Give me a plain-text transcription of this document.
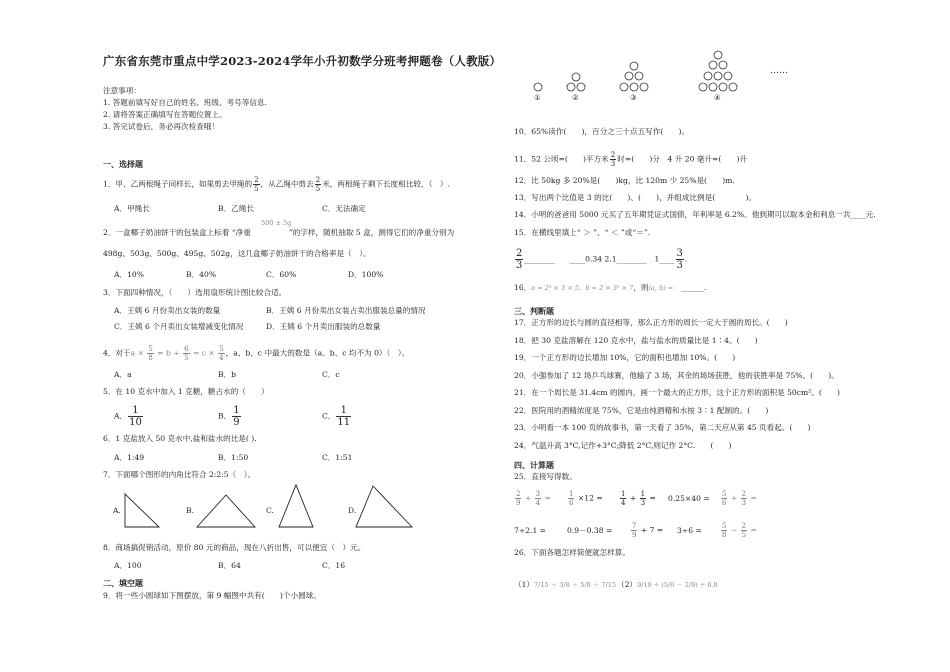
广东省东莞市重点中学2023-2024学年小升初数学分班考押题卷（人教版）
注意事项：
1. 答题前填写好自己的姓名、班级、考号等信息.
2. 请将答案正确填写在答题位置上。
3. 答完试卷后，务必再次检查哦！
一、选择题
1．甲、乙两根绳子同样长，如果剪去甲绳的 $\frac{2}{5}$ ，从乙绳中剪去 $\frac{2}{5}$ 米，两根绳子剩下长度相比较，（　）.
A．甲绳长	B．乙绳长	C．无法确定
500 ± 5g
2．一盒椰子奶油饼干的包装盒上标着 “净重	”的字样，随机抽取 5 盒，测得它们的净重分别为
498g、503g、500g、495g、502g，这几盒椰子奶油饼干的合格率是（　）。
A．10%	B．40%	C．60%	D．100%
3．下面四种情况，（　　）选用扇形统计图比较合适。
A．王姨 6 月份卖出女装的数量	B．王姨 6 月份卖出女装占卖出服装总量的情况
C．王姨 6 个月卖出女装增减变化情况	D．王姨 6 个月卖出服装的总数量
4．对于$a \times \frac{5}{8} = b \div \frac{6}{5} = c \times \frac{5}{4}$ ，a、b、c 中最大的数是（a、b、c 均不为 0）（　）。
A．a	B．b	C．c
5．在 10 克水中加入 1 克糖，糖占水的（　　）
A． $\frac{1}{10}$	B． $\frac{1}{9}$	C． $\frac{1}{11}$
6．1 克盐放入 50 克水中,盐和盐水的比是( ).
A．1:49	B．1:50	C．1:51
7．下面哪个图形的内角比符合 2:2:5（　）。
A.	B.	C.	D.
8．商场搞促销活动，原价 80 元的商品，现在八折出售，可以便宜（　）元。
A．100	B．64	C．16
二、填空题
9．将一些小圆球如下图摆放，第 9 幅图中共有(　　)个小圆球。
①	②	③	④
……
10．65%读作(　　)，百分之三十点五写作(　　)。
11．52 公顷=(　　)平方米 $\frac{2}{3}$ 时=(　　)分　4 升 20 毫升=(　　)升
12．比 50kg 多 20%是(　　)kg，比 120m 少 25%是(　　)m.
13．写出两个比值是 3 的比(　　)、(　　)，并组成比例是(　　　　)。
14．小明的爸爸用 5000 元买了五年期凭证式国债，年利率是 6.2%。他到期可以取本金和利息一共____元.
15．在横线里填上“ ＞ ”、“ ＜ ”或“＝”.
$\frac{2}{3}$ ________　　____0.34 2.1________　1____ $\frac{3}{3}$ .
16．a = 2³ × 3 × 5，b = 2 × 3² × 7，则(a, b) = ______.
三、判断题
17．正方形的边长与圆的直径相等，那么正方形的周长一定大于圆的周长。(　　)
18．把 30 克盐溶解在 120 克水中，盐与盐水的质量比是 1∶4。(　　)
19．一个正方形的边长增加 10%，它的面积也增加 10%。(　　)
20．小强参加了 12 场乒乓球赛，他输了 3 场，其余的场场获胜，他的获胜率是 75%。(　　)。
21．在一个周长是 31.4cm 的圆内，画一个最大的正方形，这个正方形的面积是 50cm²。(　　)
22．医院用的酒精浓度是 75%，它是由纯酒精和水按 3∶1 配制的。(　　)
23．小明看一本 100 页的故事书，第一天看了 35%，第二天应从第 45 页看起。(　　)
24．气温升高 3°C,记作+3°C;降低 2°C,则记作 2°C.　　(　　)
四、计算题
25．直接写得数。
$\frac{2}{9} + \frac{3}{4} = \frac{1}{6} \times 12 = \frac{1}{4} + \frac{1}{3} = 0.25\times 40 = \frac{5}{6} + \frac{2}{3}$ =
7÷2.1 =	0.9－0.38 =	$\frac{7}{9} + 7 = 3\div 6$ =	$\frac{5}{8} - \frac{2}{5}$ =
26．下面各题怎样简便就怎样算。
（1）7/15 ＋ 3/8 ＋ 5/8 ＋ 7/15 （2）9/19 ÷ (5/6 － 2/9) ÷ 0.8
